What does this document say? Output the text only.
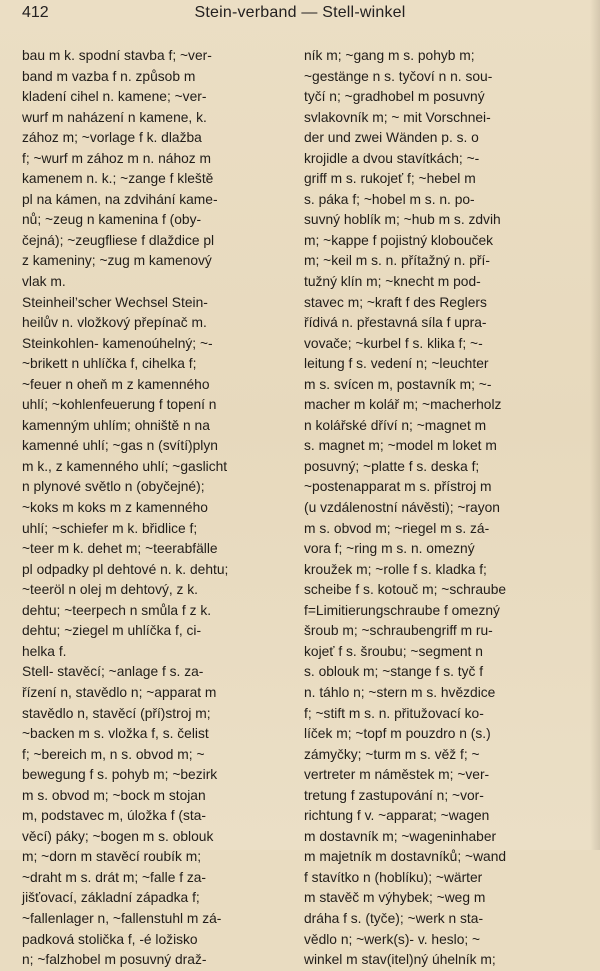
412	Stein-verband — Stell-winkel
bau m k. spodní stavba f; ~ver-
band m vazba f n. způsob m
kladení cihel n. kamene; ~ver-
wurf m naházení n kamene, k.
zához m; ~vorlage f k. dlažba
f; ~wurf m zához m n. nához m
kamenem n. k.; ~zange f kleště
pl na kámen, na zdvihání kame-
nů; ~zeug n kamenina f (oby-
čejná); ~zeugfliese f dlaždice pl
z kameniny; ~zug m kamenový
vlak m.
Steinheil’scher Wechsel Stein-
heilův n. vložkový přepínač m.
Steinkohlen- kamenoúhelný; ~-
~brikett n uhlíčka f, cihelka f;
~feuer n oheň m z kamenného
uhlí; ~kohlenfeuerung f topení n
kamenným uhlím; ohniště n na
kamenné uhlí; ~gas n (svítí)plyn
m k., z kamenného uhlí; ~gaslicht
n plynové světlo n (obyčejné);
~koks m koks m z kamenného
uhlí; ~schiefer m k. břidlice f;
~teer m k. dehet m; ~teerabfälle
pl odpadky pl dehtové n. k. dehtu;
~teeröl n olej m dehtový, z k.
dehtu; ~teerpech n smůla f z k.
dehtu; ~ziegel m uhlíčka f, ci-
helka f.
Stell- stavěcí; ~anlage f s. za-
řízení n, stavědlo n; ~apparat m
stavědlo n, stavěcí (pří)stroj m;
~backen m s. vložka f, s. čelist
f; ~bereich m, n s. obvod m; ~
bewegung f s. pohyb m; ~bezirk
m s. obvod m; ~bock m stojan
m, podstavec m, úložka f (sta-
věcí) páky; ~bogen m s. oblouk
m; ~dorn m stavěcí roubík m;
~draht m s. drát m; ~falle f za-
jišťovací, základní západka f;
~fallenlager n, ~fallenstuhl m zá-
padková stolička f, -é ložisko
n; ~falzhobel m posuvný draž-
ník m; ~gang m s. pohyb m;
~gestänge n s. tyčoví n n. sou-
tyčí n; ~gradhobel m posuvný
svlakovník m; ~ mit Vorschnei-
der und zwei Wänden p. s. o
krojidle a dvou stavítkách; ~-
griff m s. rukojeť f; ~hebel m
s. páka f; ~hobel m s. n. po-
suvný hoblík m; ~hub m s. zdvih
m; ~kappe f pojistný klobouček
m; ~keil m s. n. přítažný n. pří-
tužný klín m; ~knecht m pod-
stavec m; ~kraft f des Reglers
řídivá n. přestavná síla f upra-
vovače; ~kurbel f s. klika f; ~-
leitung f s. vedení n; ~leuchter
m s. svícen m, postavník m; ~-
macher m kolář m; ~macherholz
n kolářské dříví n; ~magnet m
s. magnet m; ~model m loket m
posuvný; ~platte f s. deska f;
~postenapparat m s. přístroj m
(u vzdálenostní návěsti); ~rayon
m s. obvod m; ~riegel m s. zá-
vora f; ~ring m s. n. omezný
kroužek m; ~rolle f s. kladka f;
scheibe f s. kotouč m; ~schraube
f=Limitierungschraube f omezný
šroub m; ~schraubengriff m ru-
kojeť f s. šroubu; ~segment n
s. oblouk m; ~stange f s. tyč f
n. táhlo n; ~stern m s. hvězdice
f; ~stift m s. n. přitužovací ko-
líček m; ~topf m pouzdro n (s.)
zámyčky; ~turm m s. věž f; ~
vertreter m náměstek m; ~ver-
tretung f zastupování n; ~vor-
richtung f v. ~apparat; ~wagen
m dostavník m; ~wageninhaber
m majetník m dostavníků; ~wand
f stavítko n (hoblíku); ~wärter
m stavěč m výhybek; ~weg m
dráha f s. (tyče); ~werk n sta-
vědlo n; ~werk(s)- v. heslo; ~
winkel m stav(itel)ný úhelník m;
